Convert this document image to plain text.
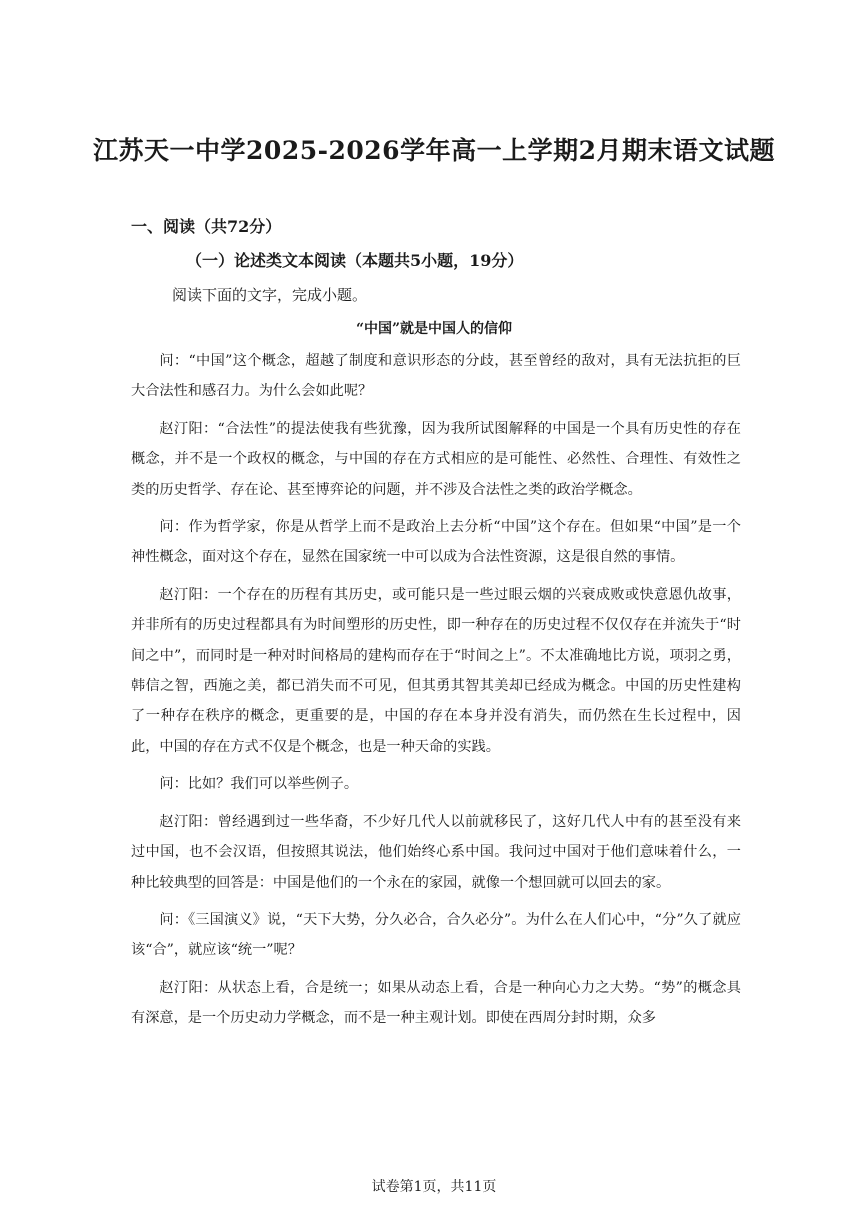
江苏天一中学2025-2026学年高一上学期2月期末语文试题
一、阅读（共72分）
（一）论述类文本阅读（本题共5小题，19分）
阅读下面的文字，完成小题。
“中国”就是中国人的信仰

问：“中国”这个概念，超越了制度和意识形态的分歧，甚至曾经的敌对，具有无法抗拒的巨大合法性和感召力。为什么会如此呢？

赵汀阳：“合法性”的提法使我有些犹豫，因为我所试图解释的中国是一个具有历史性的存在概念，并不是一个政权的概念，与中国的存在方式相应的是可能性、必然性、合理性、有效性之类的历史哲学、存在论、甚至博弈论的问题，并不涉及合法性之类的政治学概念。

问：作为哲学家，你是从哲学上而不是政治上去分析“中国”这个存在。但如果“中国”是一个神性概念，面对这个存在，显然在国家统一中可以成为合法性资源，这是很自然的事情。

赵汀阳：一个存在的历程有其历史，或可能只是一些过眼云烟的兴衰成败或快意恩仇故事，并非所有的历史过程都具有为时间塑形的历史性，即一种存在的历史过程不仅仅存在并流失于“时间之中”，而同时是一种对时间格局的建构而存在于“时间之上”。不太准确地比方说，项羽之勇，韩信之智，西施之美，都已消失而不可见，但其勇其智其美却已经成为概念。中国的历史性建构了一种存在秩序的概念，更重要的是，中国的存在本身并没有消失，而仍然在生长过程中，因此，中国的存在方式不仅是个概念，也是一种天命的实践。

问：比如？我们可以举些例子。

赵汀阳：曾经遇到过一些华裔，不少好几代人以前就移民了，这好几代人中有的甚至没有来过中国，也不会汉语，但按照其说法，他们始终心系中国。我问过中国对于他们意味着什么，一种比较典型的回答是：中国是他们的一个永在的家园，就像一个想回就可以回去的家。

问：《三国演义》说，“天下大势，分久必合，合久必分”。为什么在人们心中，“分”久了就应该“合”，就应该“统一”呢？

赵汀阳：从状态上看，合是统一；如果从动态上看，合是一种向心力之大势。“势”的概念具有深意，是一个历史动力学概念，而不是一种主观计划。即使在西周分封时期，众多

试卷第1页，共11页
